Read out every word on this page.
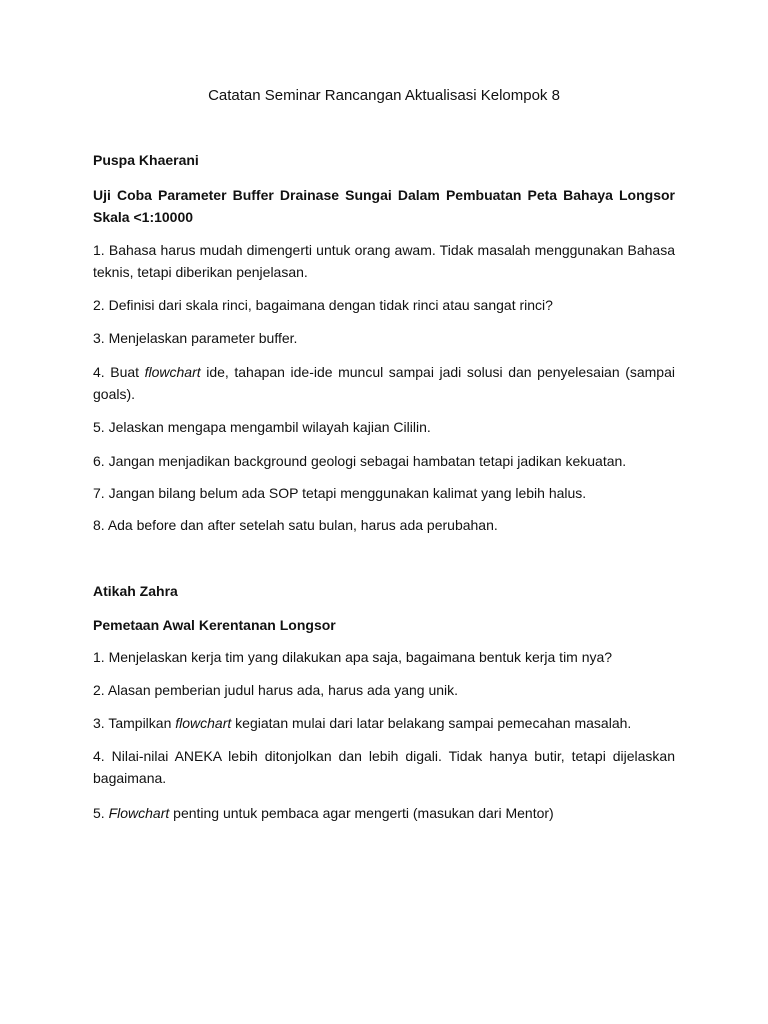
Catatan Seminar Rancangan Aktualisasi Kelompok 8

Puspa Khaerani

Uji Coba Parameter Buffer Drainase Sungai Dalam Pembuatan Peta Bahaya Longsor Skala <1:10000

1. Bahasa harus mudah dimengerti untuk orang awam. Tidak masalah menggunakan Bahasa teknis, tetapi diberikan penjelasan.

2. Definisi dari skala rinci, bagaimana dengan tidak rinci atau sangat rinci?

3. Menjelaskan parameter buffer.

4. Buat flowchart ide, tahapan ide-ide muncul sampai jadi solusi dan penyelesaian (sampai goals).

5. Jelaskan mengapa mengambil wilayah kajian Cililin.

6. Jangan menjadikan background geologi sebagai hambatan tetapi jadikan kekuatan.

7. Jangan bilang belum ada SOP tetapi menggunakan kalimat yang lebih halus.

8. Ada before dan after setelah satu bulan, harus ada perubahan.

Atikah Zahra

Pemetaan Awal Kerentanan Longsor

1. Menjelaskan kerja tim yang dilakukan apa saja, bagaimana bentuk kerja tim nya?

2. Alasan pemberian judul harus ada, harus ada yang unik.

3. Tampilkan flowchart kegiatan mulai dari latar belakang sampai pemecahan masalah.

4. Nilai-nilai ANEKA lebih ditonjolkan dan lebih digali. Tidak hanya butir, tetapi dijelaskan bagaimana.

5. Flowchart penting untuk pembaca agar mengerti (masukan dari Mentor)
